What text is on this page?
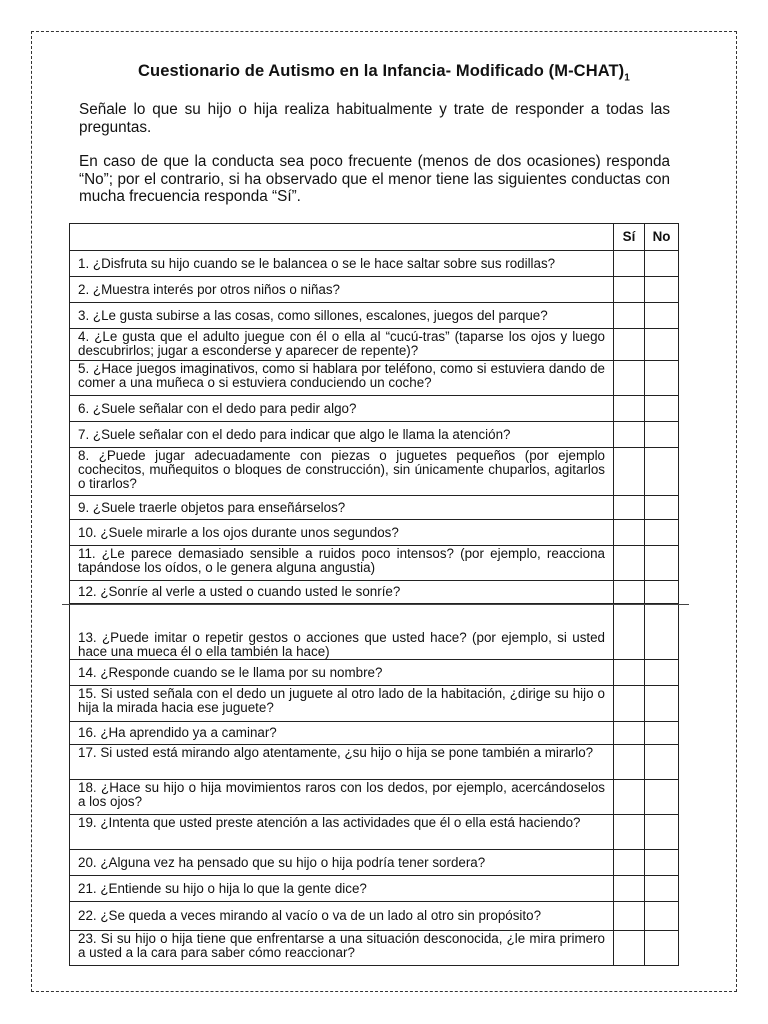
Cuestionario de Autismo en la Infancia- Modificado $(M-CHAT)_1$
Señale lo que su hijo o hija realiza habitualmente y trate de responder a todas las preguntas.
En caso de que la conducta sea poco frecuente (menos de dos ocasiones) responda “No”; por el contrario, si ha observado que el menor tiene las siguientes conductas con mucha frecuencia responda “Sí”.
	Sí	No
1. ¿Disfruta su hijo cuando se le balancea o se le hace saltar sobre sus rodillas?		
2. ¿Muestra interés por otros niños o niñas?		
3. ¿Le gusta subirse a las cosas, como sillones, escalones, juegos del parque?		
4. ¿Le gusta que el adulto juegue con él o ella al “cucú-tras” (taparse los ojos y luego descubrirlos; jugar a esconderse y aparecer de repente)?		
5. ¿Hace juegos imaginativos, como si hablara por teléfono, como si estuviera dando de comer a una muñeca o si estuviera conduciendo un coche?		
6. ¿Suele señalar con el dedo para pedir algo?		
7. ¿Suele señalar con el dedo para indicar que algo le llama la atención?		
8. ¿Puede jugar adecuadamente con piezas o juguetes pequeños (por ejemplo cochecitos, muñequitos o bloques de construcción), sin únicamente chuparlos, agitarlos o tirarlos?		
9. ¿Suele traerle objetos para enseñárselos?		
10. ¿Suele mirarle a los ojos durante unos segundos?		
11. ¿Le parece demasiado sensible a ruidos poco intensos? (por ejemplo, reacciona tapándose los oídos, o le genera alguna angustia)		
12. ¿Sonríe al verle a usted o cuando usted le sonríe?		
13. ¿Puede imitar o repetir gestos o acciones que usted hace? (por ejemplo, si usted hace una mueca él o ella también la hace)		
14. ¿Responde cuando se le llama por su nombre?		
15. Si usted señala con el dedo un juguete al otro lado de la habitación, ¿dirige su hijo o hija la mirada hacia ese juguete?		
16. ¿Ha aprendido ya a caminar?		
17. Si usted está mirando algo atentamente, ¿su hijo o hija se pone también a mirarlo?		
18. ¿Hace su hijo o hija movimientos raros con los dedos, por ejemplo, acercándoselos a los ojos?		
19. ¿Intenta que usted preste atención a las actividades que él o ella está haciendo?		
20. ¿Alguna vez ha pensado que su hijo o hija podría tener sordera?		
21. ¿Entiende su hijo o hija lo que la gente dice?		
22. ¿Se queda a veces mirando al vacío o va de un lado al otro sin propósito?		
23. Si su hijo o hija tiene que enfrentarse a una situación desconocida, ¿le mira primero a usted a la cara para saber cómo reaccionar?		
